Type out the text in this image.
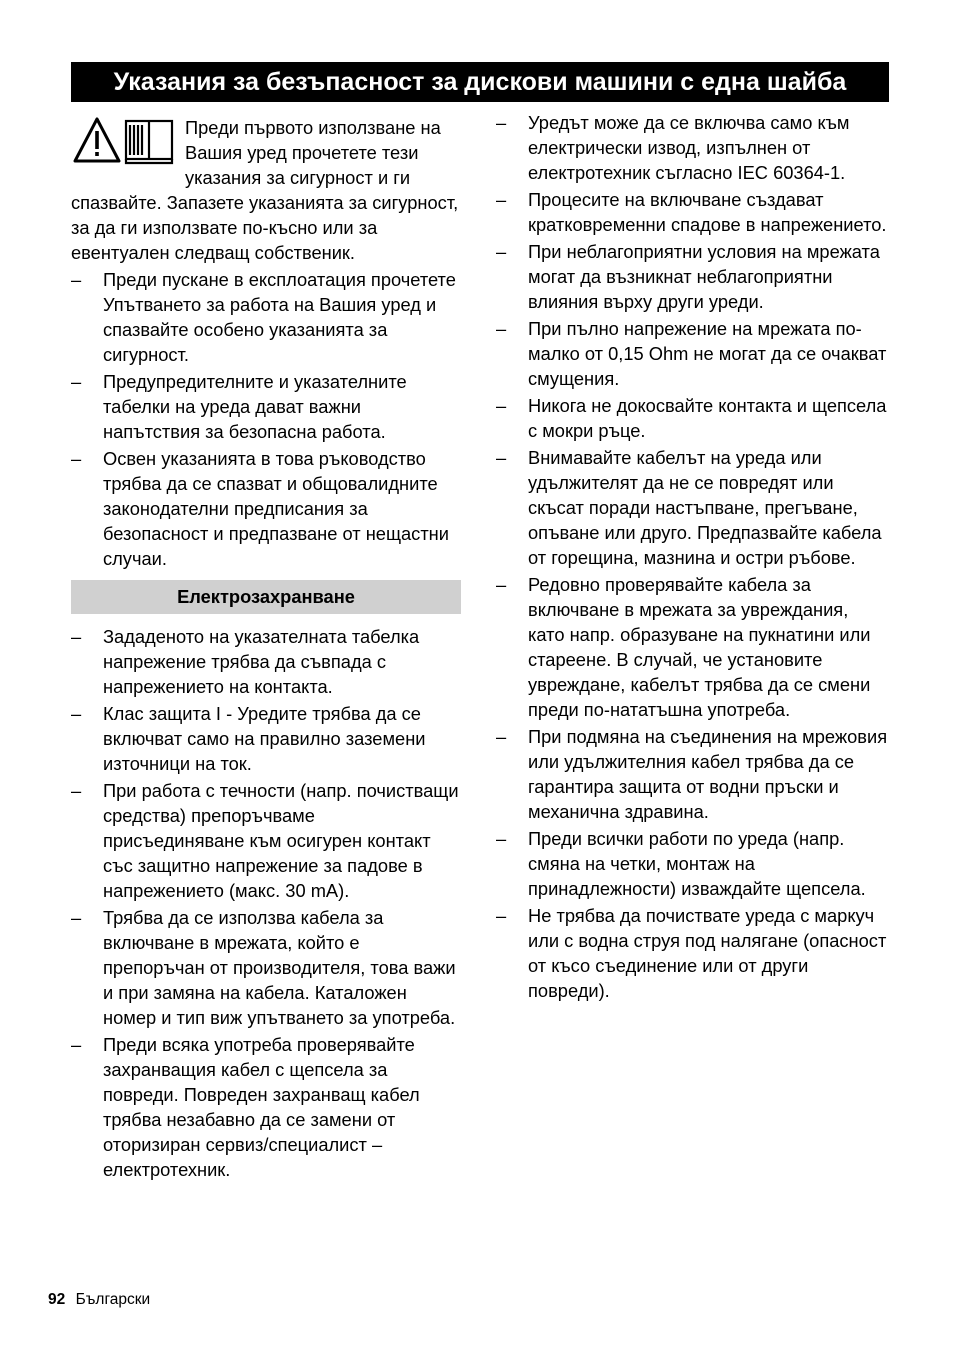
Указания за безъпасност за дискови машини с една шайба
Преди първото използване на Вашия уред прочетете тези указания за сигурност и ги спазвайте. Запазете указанията за сигурност, за да ги използвате по-късно или за евентуален следващ собственик.
– Преди пускане в експлоатация прочетете Упътването за работа на Вашия уред и спазвайте особено указанията за сигурност.
– Предупредителните и указателните табелки на уреда дават важни напътствия за безопасна работа.
– Освен указанията в това ръководство трябва да се спазват и общовалидните законодателни предписания за безопасност и предпазване от нещастни случаи.
Електрозахранване
– Зададеното на указателната табелка напрежение трябва да съвпада с напрежението на контакта.
– Клас защита I - Уредите трябва да се включват само на правилно заземени източници на ток.
– При работа с течности (напр. почистващи средства) препоръчваме присъединяване към осигурен контакт със защитно напрежение за падове в напрежението (макс. 30 mA).
– Трябва да се използва кабела за включване в мрежата, който е препоръчан от производителя, това важи и при замяна на кабела. Каталожен номер и тип виж упътването за употреба.
– Преди всяка употреба проверявайте захранващия кабел с щепсела за повреди. Повреден захранващ кабел трябва незабавно да се замени от оторизиран сервиз/специалист – електротехник.
– Уредът може да се включва само към електрически извод, изпълнен от електротехник съгласно IEC 60364-1.
– Процесите на включване създават кратковременни спадове в напрежението.
– При неблагоприятни условия на мрежата могат да възникнат неблагоприятни влияния върху други уреди.
– При пълно напрежение на мрежата по-малко от 0,15 Ohm не могат да се очакват смущения.
– Никога не докосвайте контакта и щепсела с мокри ръце.
– Внимавайте кабелът на уреда или удължителят да не се повредят или скъсат поради настъпване, прегъване, опъване или друго. Предпазвайте кабела от горещина, мазнина и остри ръбове.
– Редовно проверявайте кабела за включване в мрежата за увреждания, като напр. образуване на пукнатини или стареене. В случай, че установите увреждане, кабелът трябва да се смени преди по-нататъшна употреба.
– При подмяна на съединения на мрежовия или удължителния кабел трябва да се гарантира защита от водни пръски и механична здравина.
– Преди всички работи по уреда (напр. смяна на четки, монтаж на принадлежности) изваждайте щепсела.
– Не трябва да почиствате уреда с маркуч или с водна струя под налягане (опасност от късо съединение или от други повреди).
92 Български
